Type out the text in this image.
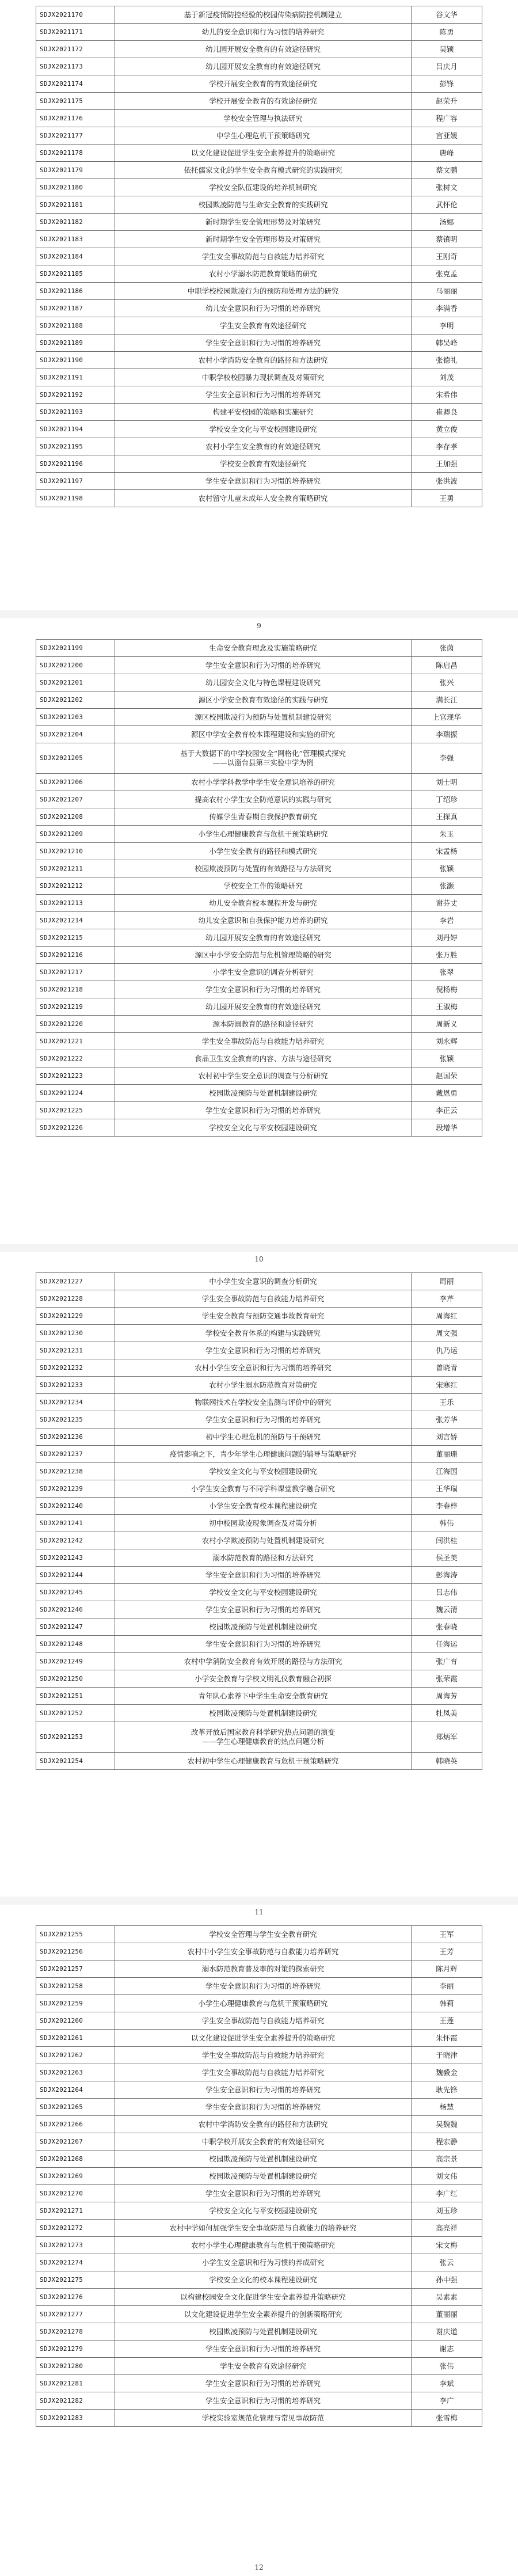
SDJX2021170	基于新冠疫情防控经验的校园传染病防控机制建立	谷文华
SDJX2021171	幼儿的安全意识和行为习惯的培养研究	陈勇
SDJX2021172	幼儿园开展安全教育的有效途径研究	吴颖
SDJX2021173	幼儿园开展安全教育的有效途径研究	吕庆月
SDJX2021174	学校开展安全教育的有效途径研究	彭锋
SDJX2021175	学校开展安全教育的有效途径研究	赵荣升
SDJX2021176	学校安全管理与执法研究	程广容
SDJX2021177	中学生心理危机干预策略研究	宫亚媛
SDJX2021178	以文化建设促进学生安全素养提升的策略研究	唐峰
SDJX2021179	依托儒家文化的学生安全教育模式研究的实践研究	蔡文鹏
SDJX2021180	学校安全队伍建设的培养机制研究	张树文
SDJX2021181	校园欺凌防范与生命安全教育的实践研究	武怀伦
SDJX2021182	新时期学生安全管理形势及对策研究	汤娜
SDJX2021183	新时期学生安全管理形势及对策研究	蔡镇明
SDJX2021184	学生安全事故防范与自救能力培养研究	王刚奇
SDJX2021185	农村小学溺水防范教育策略的研究	张克孟
SDJX2021186	中职学校校园欺凌行为的预防和处理方法的研究	马丽丽
SDJX2021187	幼儿安全意识和行为习惯的培养研究	李满香
SDJX2021188	学生安全教育有效途径研究	李明
SDJX2021189	学生安全意识和行为习惯的培养研究	韩吴峰
SDJX2021190	农村小学消防安全教育的路径和方法研究	张德礼
SDJX2021191	中职学校校园暴力现状调查及对策研究	刘茂
SDJX2021192	学生安全意识和行为习惯的培养研究	宋希伟
SDJX2021193	构建平安校园的策略和实施研究	崔卿良
SDJX2021194	学校安全文化与平安校园建设研究	黄立俊
SDJX2021195	农村小学生安全教育的有效途径研究	李存孝
SDJX2021196	学校安全教育有效途径研究	王加强
SDJX2021197	学生安全意识和行为习惯的培养研究	张洪波
SDJX2021198	农村留守儿童未成年人安全教育策略研究	王勇
9
SDJX2021199	生命安全教育理念及实施策略研究	张茵
SDJX2021200	学生安全意识和行为习惯的培养研究	陈启昌
SDJX2021201	幼儿园安全文化与特色课程建设研究	张兴
SDJX2021202	源区小学安全教育有效途径的实践与研究	满长江
SDJX2021203	源区校园欺凌行为预防与处置机制建设研究	上官现华
SDJX2021204	源区中学安全教育校本课程建设和实施的研究	李瑞振
SDJX2021205	基于大数据下的中学校园安全“网格化”管理模式探究
——以淄台县第三实验中学为例	李强
SDJX2021206	农村小学学科教学中学生安全意识培养的研究	刘士明
SDJX2021207	提高农村小学生安全防范意识的实践与研究	丁绍珍
SDJX2021208	传媒学生青春期自我保护教育研究	王探真
SDJX2021209	小学生心理健康教育与危机干预策略研究	朱玉
SDJX2021210	小学生安全教育的路径和模式研究	宋孟杨
SDJX2021211	校园欺凌预防与处置的有效路径与方法研究	张颖
SDJX2021212	学校安全工作的策略研究	张灏
SDJX2021213	幼儿安全教育校本课程开发与研究	谢芬丈
SDJX2021214	幼儿安全意识和自我保护能力培养的研究	李岩
SDJX2021215	幼儿园开展安全教育的有效途径研究	刘丹婷
SDJX2021216	源区中小学安全防范与危机管理策略的研究	张万胜
SDJX2021217	小学生安全意识的调查分析研究	张翠
SDJX2021218	学生安全意识和行为习惯的培养研究	倪杨梅
SDJX2021219	幼儿园开展安全教育的有效途径研究	王淑梅
SDJX2021220	源本防溺教育的路径和途径研究	周新义
SDJX2021221	学生安全事故防范与自救能力培养研究	刘永辉
SDJX2021222	食品卫生安全教育的内容、方法与途径研究	张颖
SDJX2021223	农村初中学生安全意识的调查与分析研究	赵国荣
SDJX2021224	校园欺凌预防与处置机制建设研究	戴恩勇
SDJX2021225	学生安全意识和行为习惯的培养研究	李正云
SDJX2021226	学校安全文化与平安校园建设研究	段增华
10
SDJX2021227	中小学生安全意识的调查分析研究	周丽
SDJX2021228	学生安全事故防范与自救能力培养研究	李芹
SDJX2021229	学生安全教育与预防交通事故教育研究	周海红
SDJX2021230	学校安全教育体系的构建与实践研究	周文强
SDJX2021231	学生安全意识和行为习惯的培养研究	仇乃运
SDJX2021232	农村小学生安全意识和行为习惯的培养研究	曾晓青
SDJX2021233	农村小学生溺水防范教育对策研究	宋寒红
SDJX2021234	物联网技术在学校安全监测与评价中的研究	王乐
SDJX2021235	学生安全意识和行为习惯的培养研究	张芳华
SDJX2021236	初中学生心理危机的预防与干预研究	刘言娇
SDJX2021237	疫情影响之下，青少年学生心理健康问题的辅导与策略研究	董丽珊
SDJX2021238	学校安全文化与平安校园建设研究	江海国
SDJX2021239	小学生安全教育与不同学科课堂教学融合研究	王华瑞
SDJX2021240	小学生安全教育校本课程建设研究	李春梓
SDJX2021241	初中校园欺凌现象调查及对策分析	韩伟
SDJX2021242	农村小学欺凌预防与处置机制建设研究	闫洪桂
SDJX2021243	溺水防范教育的路径和方法研究	侯圣美
SDJX2021244	学生安全意识和行为习惯的培养研究	彭海涛
SDJX2021245	学校安全文化与平安校园建设研究	吕志伟
SDJX2021246	学生安全意识和行为习惯的培养研究	魏云清
SDJX2021247	校园欺凌预防与处置机制建设研究	张春晓
SDJX2021248	学生安全意识和行为习惯的培养研究	任海运
SDJX2021249	农村中学消防安全教育有效开展的路径与方法研究	张广育
SDJX2021250	小学安全教育与学校文明礼仪教育融合初探	张荣霞
SDJX2021251	青年队心素养下中学生生命安全教育研究	周海芳
SDJX2021252	校园欺凌预防与处置机制建设研究	牡凤美
SDJX2021253	改革开放后国家教育科学研究热点问题的演变
——学生心理健康教育的热点问题分析	郑炳军
SDJX2021254	农村初中学生心理健康教育与危机干预策略研究	韩晓英
11
SDJX2021255	学校安全管理与学生安全教育研究	王军
SDJX2021256	农村中小学生安全事故防范与自救能力培养研究	王芳
SDJX2021257	溺水防范教育普及率的对策的探索研究	陈月辉
SDJX2021258	学生安全意识和行为习惯的培养研究	李丽
SDJX2021259	小学生心理健康教育与危机干预策略研究	韩莉
SDJX2021260	学生安全事故防范与自救能力培养研究	王莲
SDJX2021261	以文化建设促进学生安全素养提升的策略研究	朱怀霞
SDJX2021262	学生安全事故防范与自救能力培养研究	于晓津
SDJX2021263	学生安全事故防范与自救能力培养研究	魏毅金
SDJX2021264	学生安全意识和行为习惯的培养研究	耿先锋
SDJX2021265	学生安全意识和行为习惯的培养研究	杨慧
SDJX2021266	农村中学消防安全教育的路径和方法研究	吴魏魏
SDJX2021267	中职学校开展安全教育的有效途径研究	程宏静
SDJX2021268	校园欺凌预防与处置机制建设研究	高宗景
SDJX2021269	校园欺凌预防与处置机制建设研究	刘文伟
SDJX2021270	学生安全意识和行为习惯的培养研究	李广红
SDJX2021271	学校安全文化与平安校园建设研究	刘玉珍
SDJX2021272	农村中学如何加强学生安全事故防范与自救能力的培养研究	高亮祥
SDJX2021273	农村小学生心理健康教育与危机干预策略研究	宋文梅
SDJX2021274	小学生安全意识和行为习惯的养成研究	张云
SDJX2021275	学校安全文化的校本课程建设研究	孙中强
SDJX2021276	以构建校园安全文化促进学生安全素养提升策略研究	吴素素
SDJX2021277	以文化建设促进学生安全素养提升的创新策略研究	董丽丽
SDJX2021278	校园欺凌预防与处置机制建设研究	谢庆道
SDJX2021279	学生安全意识和行为习惯的培养研究	谢志
SDJX2021280	学生安全教育有效途径研究	张伟
SDJX2021281	学生安全意识和行为习惯的培养研究	李斌
SDJX2021282	学生安全意识和行为习惯的培养研究	李广
SDJX2021283	学校实验室规范化管理与常见事故防范	张雪梅
12
